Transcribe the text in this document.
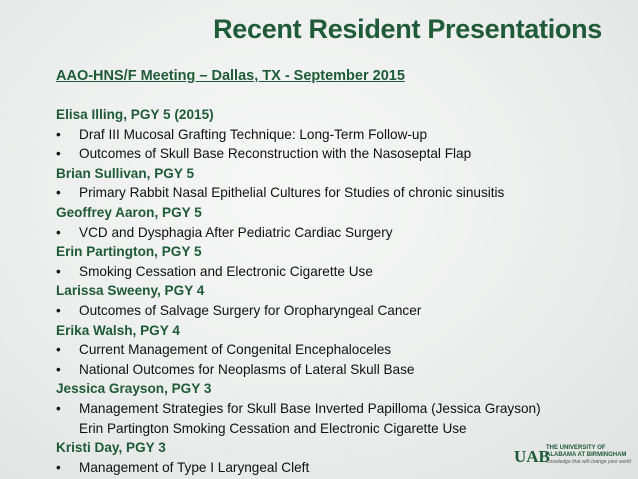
Recent Resident Presentations
AAO-HNS/F Meeting – Dallas, TX - September 2015
Elisa Illing, PGY 5 (2015)
•	Draf III Mucosal Grafting Technique: Long-Term Follow-up
•	Outcomes of Skull Base Reconstruction with the Nasoseptal Flap
Brian Sullivan, PGY 5
•	Primary Rabbit Nasal Epithelial Cultures for Studies of chronic sinusitis
Geoffrey Aaron, PGY 5
•	VCD and Dysphagia After Pediatric Cardiac Surgery
Erin Partington, PGY 5
•	Smoking Cessation and Electronic Cigarette Use
Larissa Sweeny, PGY 4
•	Outcomes of Salvage Surgery for Oropharyngeal Cancer
Erika Walsh, PGY 4
•	Current Management of Congenital Encephaloceles
•	National Outcomes for Neoplasms of Lateral Skull Base
Jessica Grayson, PGY 3
•	Management Strategies for Skull Base Inverted Papilloma (Jessica Grayson)
Erin Partington Smoking Cessation and Electronic Cigarette Use
Kristi Day, PGY 3
•	Management of Type I Laryngeal Cleft
UAB
THE UNIVERSITY OF
ALABAMA AT BIRMINGHAM
Knowledge that will change your world
